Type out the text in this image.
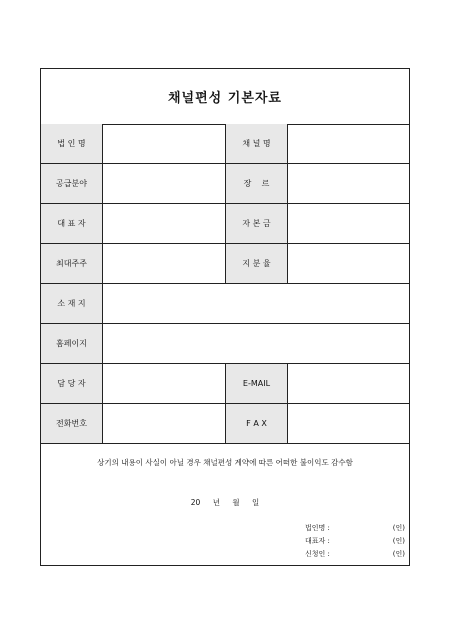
채널편성 기본자료
법 인 명	채 널 명
공급분야	장    르
대 표 자	자 본 금
최대주주	지 분 율
소 재 지
홈페이지
담 당 자	E-MAIL
전화번호	F A X
상기의 내용이 사실이 아닐 경우 채널편성 계약에 따른 어떠한 불이익도 감수함
20 년 월 일
법인명 :	(인)
대표자 :	(인)
신청인 :	(인)
